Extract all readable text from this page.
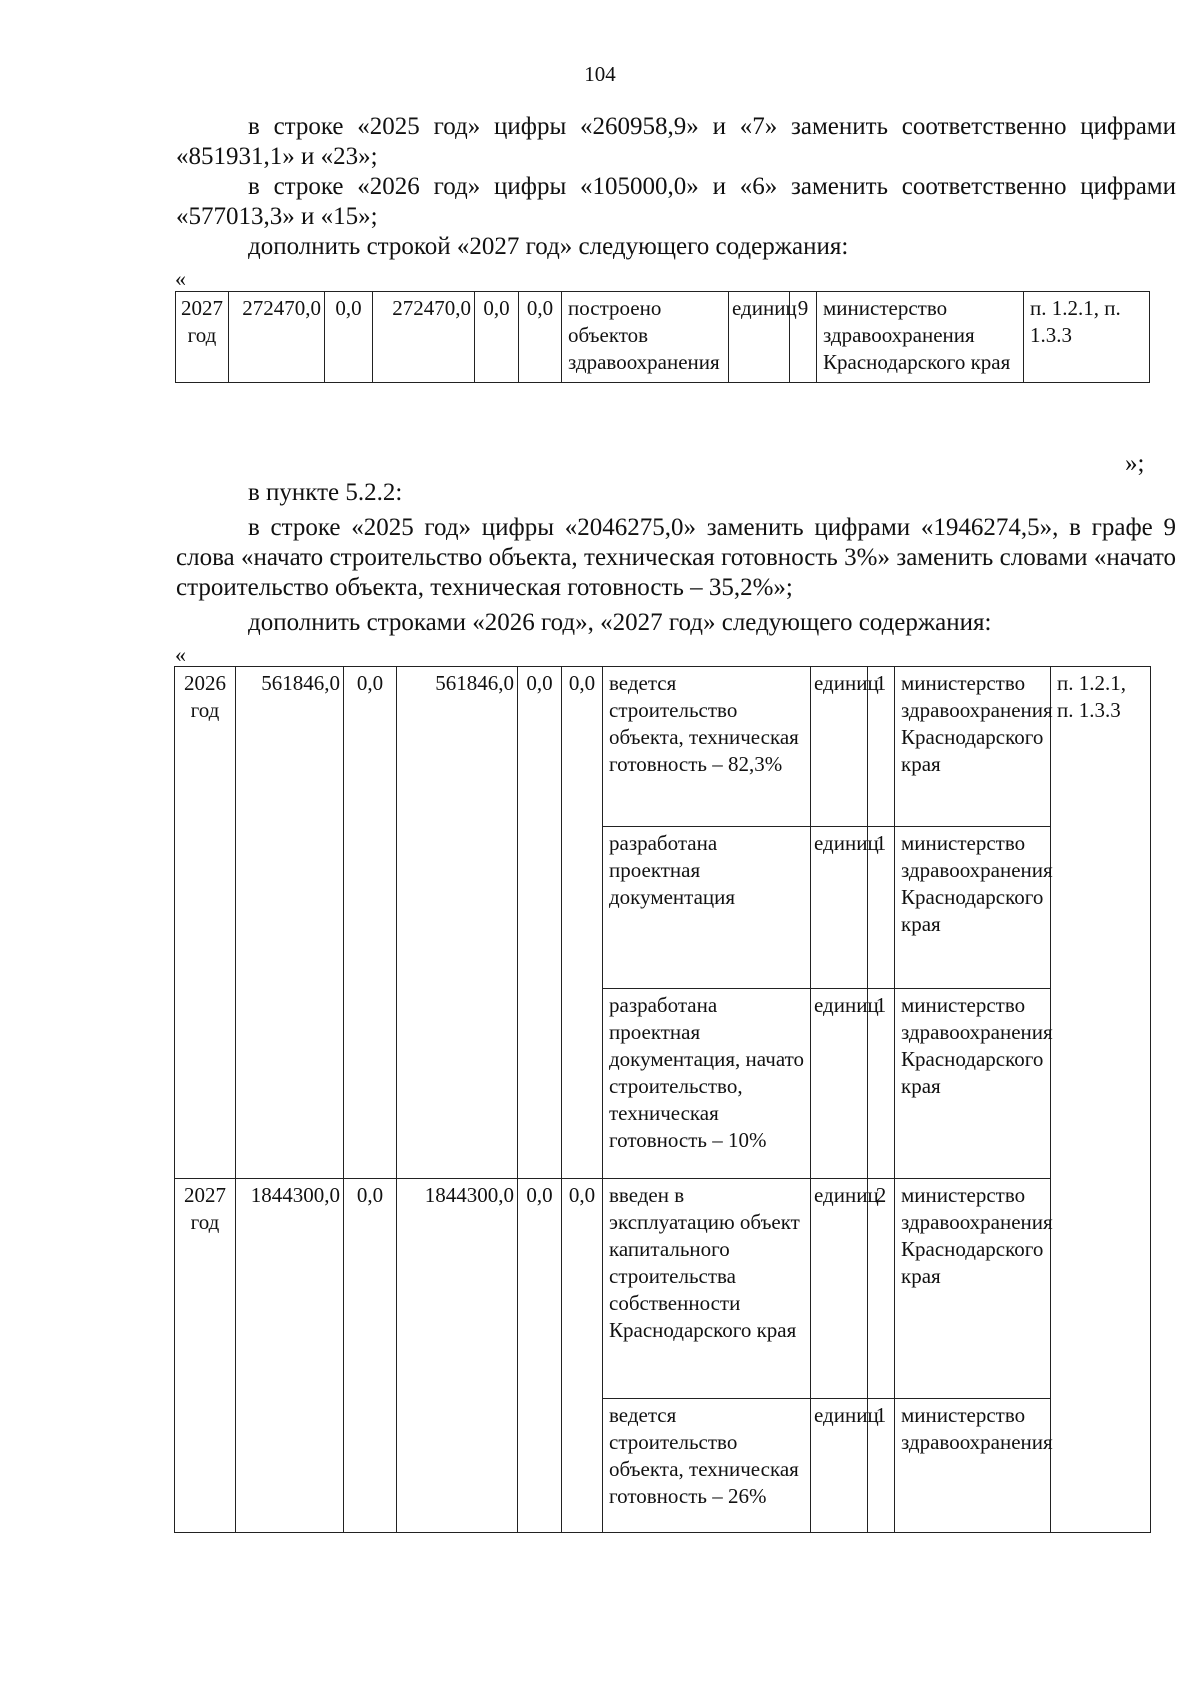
104
в строке «2025 год» цифры «260958,9» и «7» заменить соответственно цифрами «851931,1» и «23»;
в строке «2026 год» цифры «105000,0» и «6» заменить соответственно цифрами «577013,3» и «15»;
дополнить строкой «2027 год» следующего содержания:
«
2027 год	272470,0	0,0	272470,0	0,0	0,0	построено объектов здравоохранения	единиц	9	министерство здравоохранения Краснодарского края	п. 1.2.1, п. 1.3.3
»;
в пункте 5.2.2:
в строке «2025 год» цифры «2046275,0» заменить цифрами «1946274,5», в графе 9 слова «начато строительство объекта, техническая готовность 3%» заменить словами «начато строительство объекта, техническая готовность – 35,2%»;
дополнить строками «2026 год», «2027 год» следующего содержания:
«
2026 год	561846,0	0,0	561846,0	0,0	0,0	ведется строительство объекта, техническая готовность – 82,3%	единиц	1	министерство здравоохранения Краснодарского края	п. 1.2.1, п. 1.3.3
						разработана проектная документация	единиц	1	министерство здравоохранения Краснодарского края	
						разработана проектная документация, начато строительство, техническая готовность – 10%	единиц	1	министерство здравоохранения Краснодарского края	
2027 год	1844300,0	0,0	1844300,0	0,0	0,0	введен в эксплуатацию объект капитального строительства собственности Краснодарского края	единиц	2	министерство здравоохранения Краснодарского края	
						ведется строительство объекта, техническая готовность – 26%	единиц	1	министерство здравоохранения	
